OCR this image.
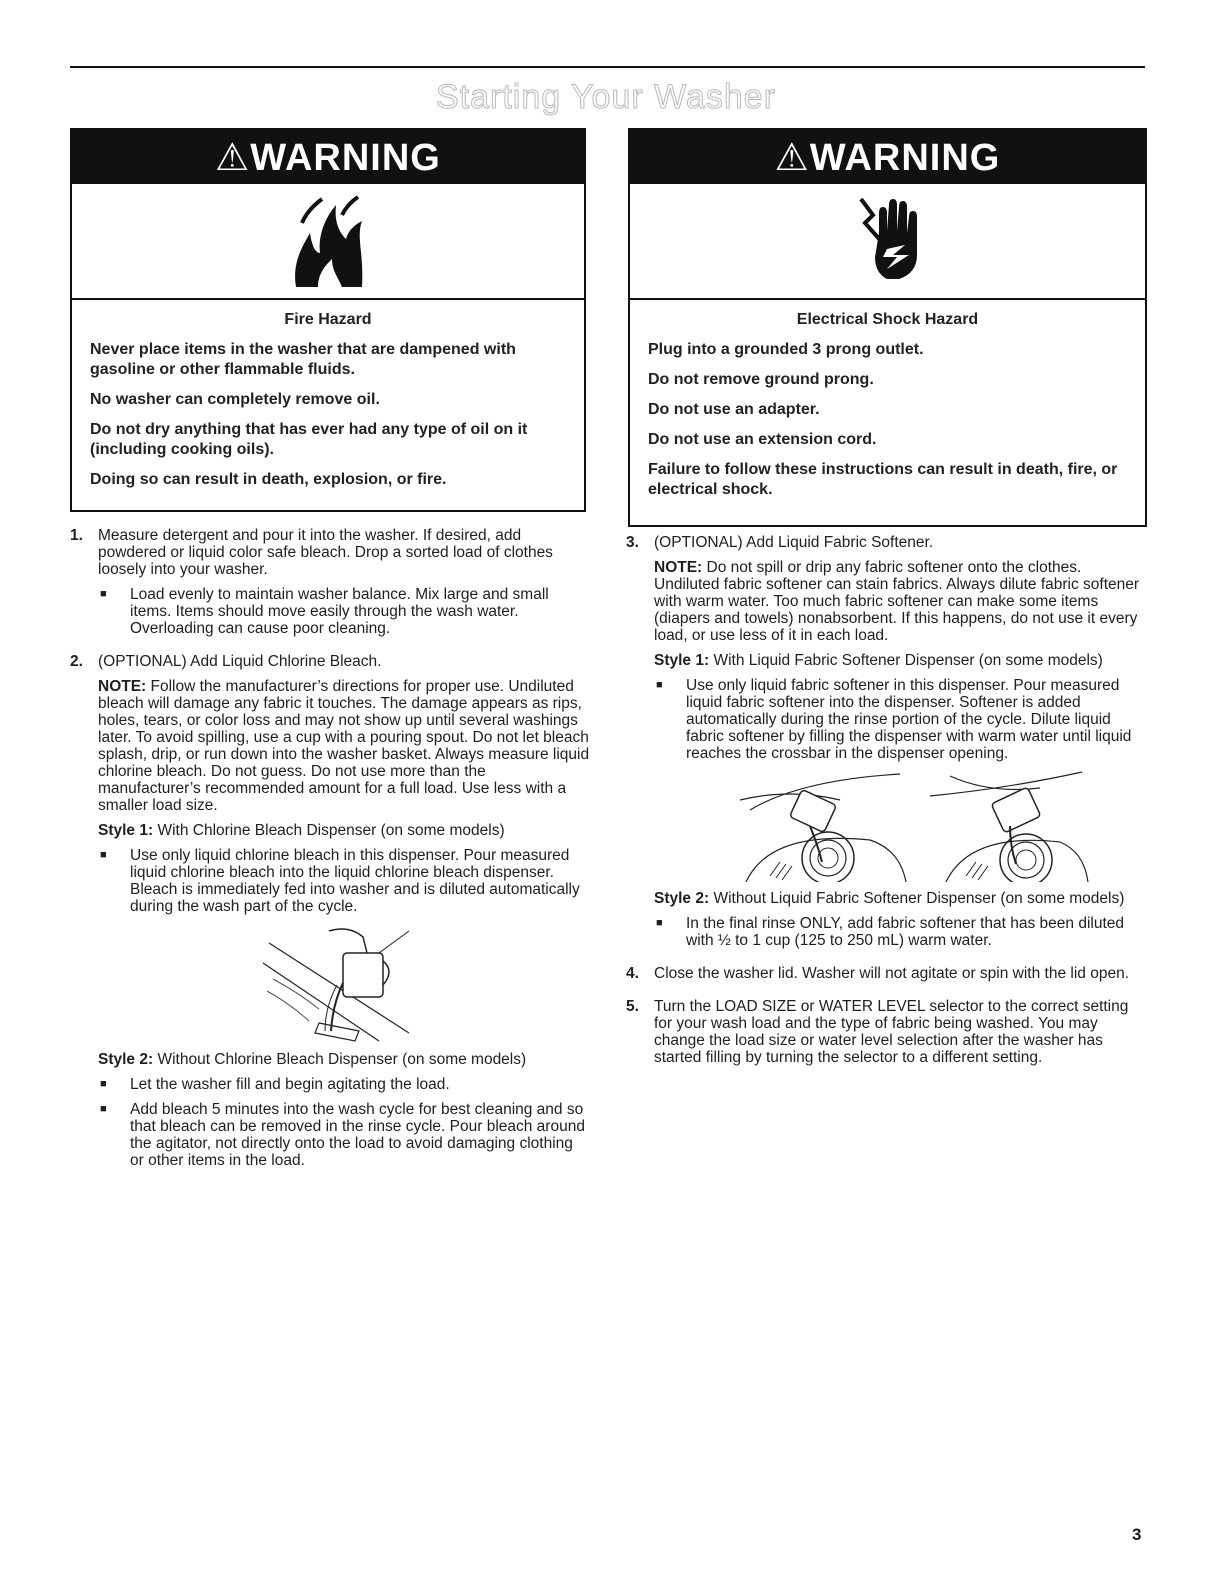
Starting Your Washer
⚠WARNING
Fire Hazard

Never place items in the washer that are dampened with gasoline or other flammable fluids.

No washer can completely remove oil.

Do not dry anything that has ever had any type of oil on it (including cooking oils).

Doing so can result in death, explosion, or fire.

⚠WARNING
Electrical Shock Hazard

Plug into a grounded 3 prong outlet.

Do not remove ground prong.

Do not use an adapter.

Do not use an extension cord.

Failure to follow these instructions can result in death, fire, or electrical shock.

1. Measure detergent and pour it into the washer. If desired, add powdered or liquid color safe bleach. Drop a sorted load of clothes loosely into your washer.

■	Load evenly to maintain washer balance. Mix large and small items. Items should move easily through the wash water. Overloading can cause poor cleaning.
2. (OPTIONAL) Add Liquid Chlorine Bleach.

NOTE: Follow the manufacturer’s directions for proper use. Undiluted bleach will damage any fabric it touches. The damage appears as rips, holes, tears, or color loss and may not show up until several washings later. To avoid spilling, use a cup with a pouring spout. Do not let bleach splash, drip, or run down into the washer basket. Always measure liquid chlorine bleach. Do not guess. Do not use more than the manufacturer’s recommended amount for a full load. Use less with a smaller load size.

Style 1: With Chlorine Bleach Dispenser (on some models)

■	Use only liquid chlorine bleach in this dispenser. Pour measured liquid chlorine bleach into the liquid chlorine bleach dispenser. Bleach is immediately fed into washer and is diluted automatically during the wash part of the cycle.

Style 2: Without Chlorine Bleach Dispenser (on some models)

■	Let the washer fill and begin agitating the load.
■	Add bleach 5 minutes into the wash cycle for best cleaning and so that bleach can be removed in the rinse cycle. Pour bleach around the agitator, not directly onto the load to avoid damaging clothing or other items in the load.
3. (OPTIONAL) Add Liquid Fabric Softener.

NOTE: Do not spill or drip any fabric softener onto the clothes. Undiluted fabric softener can stain fabrics. Always dilute fabric softener with warm water. Too much fabric softener can make some items (diapers and towels) nonabsorbent. If this happens, do not use it every load, or use less of it in each load.

Style 1: With Liquid Fabric Softener Dispenser (on some models)

■	Use only liquid fabric softener in this dispenser. Pour measured liquid fabric softener into the dispenser. Softener is added automatically during the rinse portion of the cycle. Dilute liquid fabric softener by filling the dispenser with warm water until liquid reaches the crossbar in the dispenser opening.

Style 2: Without Liquid Fabric Softener Dispenser (on some models)

■	In the final rinse ONLY, add fabric softener that has been diluted with ½ to 1 cup (125 to 250 mL) warm water.
4. Close the washer lid. Washer will not agitate or spin with the lid open.

5. Turn the LOAD SIZE or WATER LEVEL selector to the correct setting for your wash load and the type of fabric being washed. You may change the load size or water level selection after the washer has started filling by turning the selector to a different setting.

3
